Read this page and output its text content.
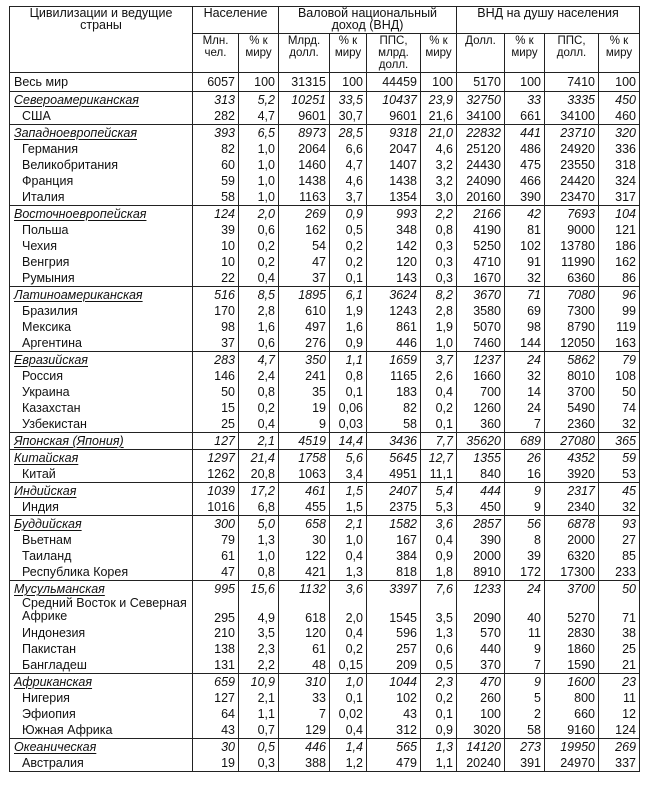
Цивилизации и ведущие страны	Население		Валовой национальный доход (ВНД)				ВНД на душу населения			
	Млн. чел.	% к миру	Млрд. долл.	% к миру	ППС, млрд. долл.	% к миру	Долл.	% к миру	ППС, долл.	% к миру
Весь мир	6057	100	31315	100	44459	100	5170	100	7410	100
Североамериканская	313	5,2	10251	33,5	10437	23,9	32750	33	3335	450
США	282	4,7	9601	30,7	9601	21,6	34100	661	34100	460
Западноевропейская	393	6,5	8973	28,5	9318	21,0	22832	441	23710	320
Германия	82	1,0	2064	6,6	2047	4,6	25120	486	24920	336
Великобритания	60	1,0	1460	4,7	1407	3,2	24430	475	23550	318
Франция	59	1,0	1438	4,6	1438	3,2	24090	466	24420	324
Италия	58	1,0	1163	3,7	1354	3,0	20160	390	23470	317
Восточноевропейская	124	2,0	269	0,9	993	2,2	2166	42	7693	104
Польша	39	0,6	162	0,5	348	0,8	4190	81	9000	121
Чехия	10	0,2	54	0,2	142	0,3	5250	102	13780	186
Венгрия	10	0,2	47	0,2	120	0,3	4710	91	11990	162
Румыния	22	0,4	37	0,1	143	0,3	1670	32	6360	86
Латиноамериканская	516	8,5	1895	6,1	3624	8,2	3670	71	7080	96
Бразилия	170	2,8	610	1,9	1243	2,8	3580	69	7300	99
Мексика	98	1,6	497	1,6	861	1,9	5070	98	8790	119
Аргентина	37	0,6	276	0,9	446	1,0	7460	144	12050	163
Евразийская	283	4,7	350	1,1	1659	3,7	1237	24	5862	79
Россия	146	2,4	241	0,8	1165	2,6	1660	32	8010	108
Украина	50	0,8	35	0,1	183	0,4	700	14	3700	50
Казахстан	15	0,2	19	0,06	82	0,2	1260	24	5490	74
Узбекистан	25	0,4	9	0,03	58	0,1	360	7	2360	32
Японская (Япония)	127	2,1	4519	14,4	3436	7,7	35620	689	27080	365
Китайская	1297	21,4	1758	5,6	5645	12,7	1355	26	4352	59
Китай	1262	20,8	1063	3,4	4951	11,1	840	16	3920	53
Индийская	1039	17,2	461	1,5	2407	5,4	444	9	2317	45
Индия	1016	6,8	455	1,5	2375	5,3	450	9	2340	32
Буддийская	300	5,0	658	2,1	1582	3,6	2857	56	6878	93
Вьетнам	79	1,3	30	1,0	167	0,4	390	8	2000	27
Таиланд	61	1,0	122	0,4	384	0,9	2000	39	6320	85
Республика Корея	47	0,8	421	1,3	818	1,8	8910	172	17300	233
Мусульманская	995	15,6	1132	3,6	3397	7,6	1233	24	3700	50
Средний Восток и Северная Африке	295	4,9	618	2,0	1545	3,5	2090	40	5270	71
Индонезия	210	3,5	120	0,4	596	1,3	570	11	2830	38
Пакистан	138	2,3	61	0,2	257	0,6	440	9	1860	25
Бангладеш	131	2,2	48	0,15	209	0,5	370	7	1590	21
Африканская	659	10,9	310	1,0	1044	2,3	470	9	1600	23
Нигерия	127	2,1	33	0,1	102	0,2	260	5	800	11
Эфиопия	64	1,1	7	0,02	43	0,1	100	2	660	12
Южная Африка	43	0,7	129	0,4	312	0,9	3020	58	9160	124
Океаническая	30	0,5	446	1,4	565	1,3	14120	273	19950	269
Австралия	19	0,3	388	1,2	479	1,1	20240	391	24970	337
